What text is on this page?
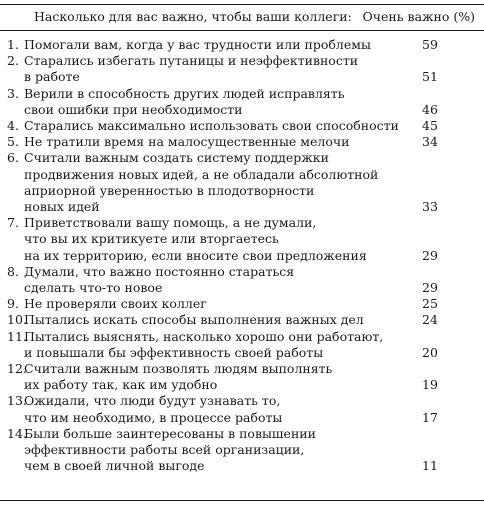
Насколько для вас важно, чтобы ваши коллеги: Очень важно (%)
1. Помогали вам, когда у вас трудности или проблемы	59
2. Старались избегать путаницы и неэффективности
в работе	51
3. Верили в способность других людей исправлять
свои ошибки при необходимости	46
4. Старались максимально использовать свои способности	45
5. Не тратили время на малосущественные мелочи	34
6. Считали важным создать систему поддержки
продвижения новых идей, а не обладали абсолютной
априорной уверенностью в плодотворности
новых идей	33
7. Приветствовали вашу помощь, а не думали,
что вы их критикуете или вторгаетесь
на их территорию, если вносите свои предложения	29
8. Думали, что важно постоянно стараться
сделать что-то новое	29
9. Не проверяли своих коллег	25
10.
Пытались искать способы выполнения важных дел	24
11.
Пытались выяснять, насколько хорошо они работают,
и повышали бы эффективность своей работы	20
12.
Считали важным позволять людям выполнять
их работу так, как им удобно	19
13.
Ожидали, что люди будут узнавать то,
что им необходимо, в процессе работы	17
14.
Были больше заинтересованы в повышении
эффективности работы всей организации,
чем в своей личной выгоде	11
